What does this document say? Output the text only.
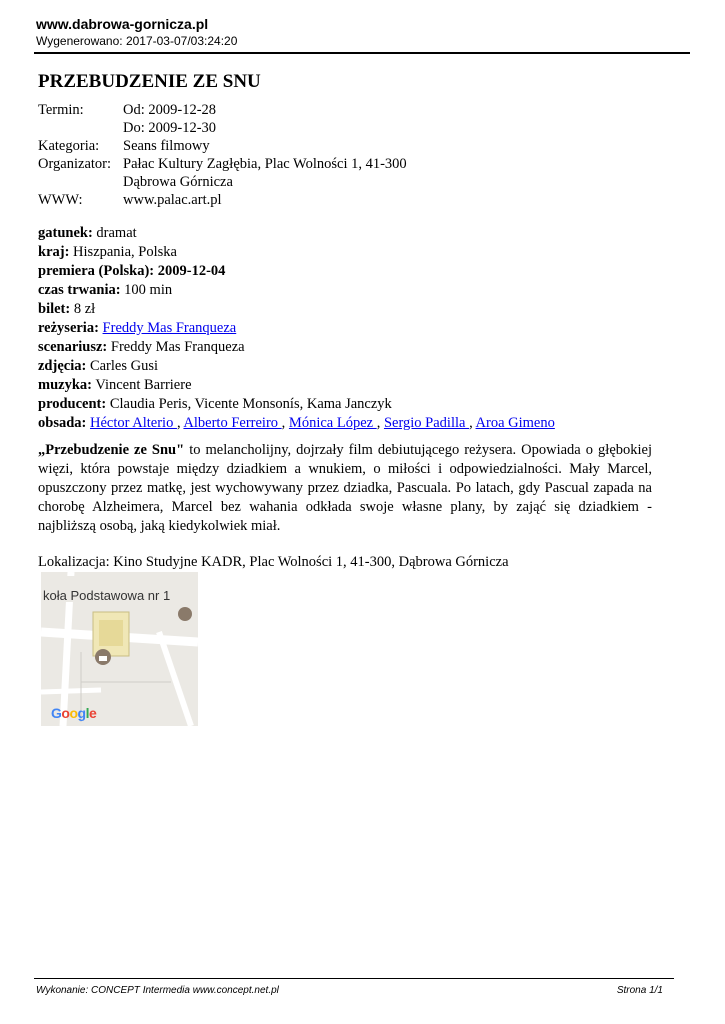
www.dabrowa-gornicza.pl
Wygenerowano: 2017-03-07/03:24:20
PRZEBUDZENIE ZE SNU
Termin:	Od: 2009-12-28
Do: 2009-12-30
Kategoria:	Seans filmowy
Organizator: Pałac Kultury Zagłębia, Plac Wolności 1, 41-300 Dąbrowa Górnicza
WWW:	www.palac.art.pl
gatunek: dramat
kraj: Hiszpania, Polska
premiera (Polska): 2009-12-04
czas trwania: 100 min
bilet: 8 zł
reżyseria: Freddy Mas Franqueza
scenariusz: Freddy Mas Franqueza
zdjęcia: Carles Gusi
muzyka: Vincent Barriere
producent: Claudia Peris, Vicente Monsonís, Kama Janczyk
obsada: Héctor Alterio , Alberto Ferreiro , Mónica López , Sergio Padilla , Aroa Gimeno

„Przebudzenie ze Snu" to melancholijny, dojrzały film debiutującego reżysera. Opowiada o głębokiej więzi, która powstaje między dziadkiem a wnukiem, o miłości i odpowiedzialności. Mały Marcel, opuszczony przez matkę, jest wychowywany przez dziadka, Pascuala. Po latach, gdy Pascual zapada na chorobę Alzheimera, Marcel bez wahania odkłada swoje własne plany, by zająć się dziadkiem - najbliższą osobą, jaką kiedykolwiek miał.

Lokalizacja: Kino Studyjne KADR, Plac Wolności 1, 41-300, Dąbrowa Górnicza
koła Podstawowa nr 1
Google
Wykonanie: CONCEPT Intermedia www.concept.net.pl	Strona 1/1
